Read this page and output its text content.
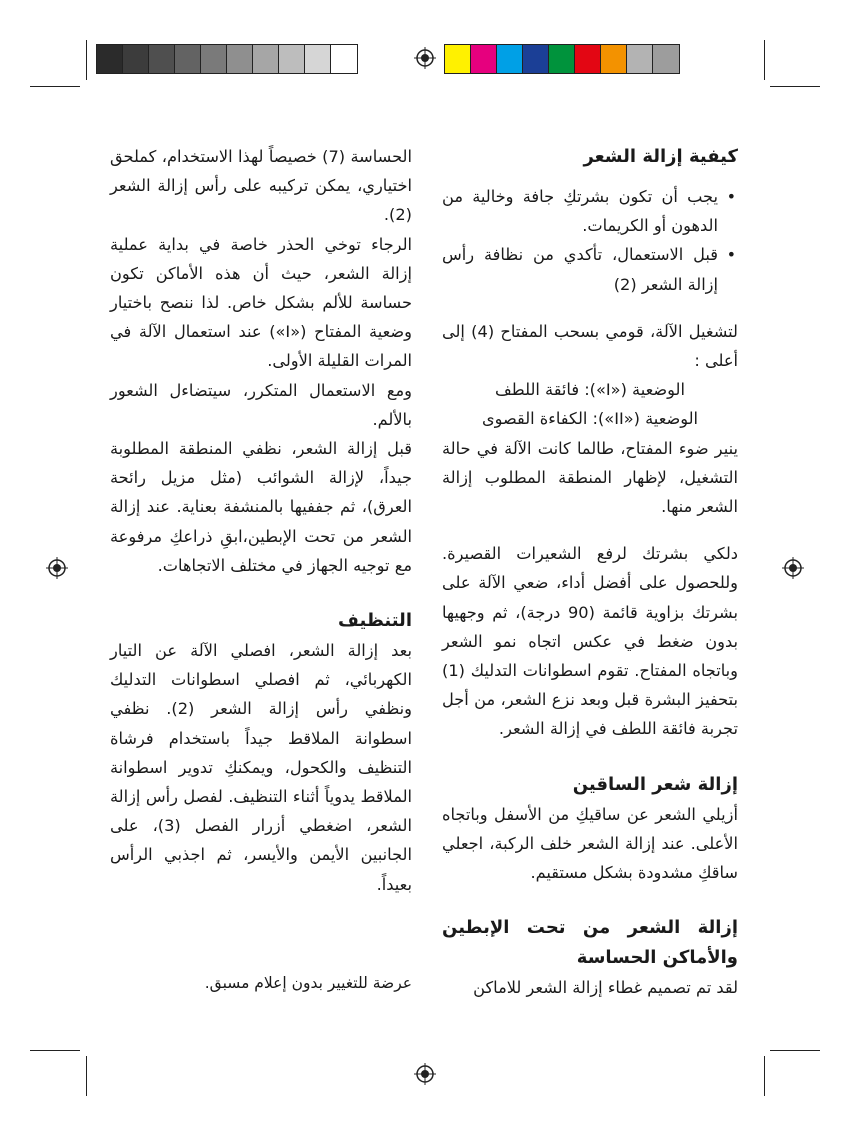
كيفية إزالة الشعر
• يجب أن تكون بشرتكِ جافة وخالية من الدهون أو الكريمات.
• قبل الاستعمال، تأكدي من نظافة رأس إزالة الشعر (2)

لتشغيل الآلة، قومي بسحب المفتاح (4) إلى أعلى :

الوضعية («I»): فائقة اللطف

الوضعية («II»): الكفاءة القصوى

ينير ضوء المفتاح، طالما كانت الآلة في حالة التشغيل، لإظهار المنطقة المطلوب إزالة الشعر منها.

دلكي بشرتك لرفع الشعيرات القصيرة. وللحصول على أفضل أداء، ضعي الآلة على بشرتك بزاوية قائمة (90 درجة)، ثم وجهيها بدون ضغط في عكس اتجاه نمو الشعر وباتجاه المفتاح. تقوم اسطوانات التدليك (1) بتحفيز البشرة قبل وبعد نزع الشعر، من أجل تجربة فائقة اللطف في إزالة الشعر.

إزالة شعر الساقين

أزيلي الشعر عن ساقيكِ من الأسفل وباتجاه الأعلى. عند إزالة الشعر خلف الركبة، اجعلي ساقكِ مشدودة بشكل مستقيم.

إزالة الشعر من تحت الإبطين والأماكن الحساسة

لقد تم تصميم غطاء إزالة الشعر للاماكن

الحساسة (7) خصيصاً لهذا الاستخدام، كملحق اختياري، يمكن تركيبه على رأس إزالة الشعر (2).

الرجاء توخي الحذر خاصة في بداية عملية إزالة الشعر، حيث أن هذه الأماكن تكون حساسة للألم بشكل خاص. لذا ننصح باختيار وضعية المفتاح («I») عند استعمال الآلة في المرات القليلة الأولى.

ومع الاستعمال المتكرر، سيتضاءل الشعور بالألم.

قبل إزالة الشعر، نظفي المنطقة المطلوبة جيداً، لإزالة الشوائب (مثل مزيل رائحة العرق)، ثم جففيها بالمنشفة بعناية. عند إزالة الشعر من تحت الإبطين،ابقِ ذراعكِ مرفوعة مع توجيه الجهاز في مختلف الاتجاهات.

التنظيف

بعد إزالة الشعر، افصلي الآلة عن التيار الكهربائي، ثم افصلي اسطوانات التدليك ونظفي رأس إزالة الشعر (2). نظفي اسطوانة الملاقط جيداً باستخدام فرشاة التنظيف والكحول، ويمكنكِ تدوير اسطوانة الملاقط يدوياً أثناء التنظيف. لفصل رأس إزالة الشعر، اضغطي أزرار الفصل (3)، على الجانبين الأيمن والأيسر، ثم اجذبي الرأس بعيداً.

عرضة للتغيير بدون إعلام مسبق.
